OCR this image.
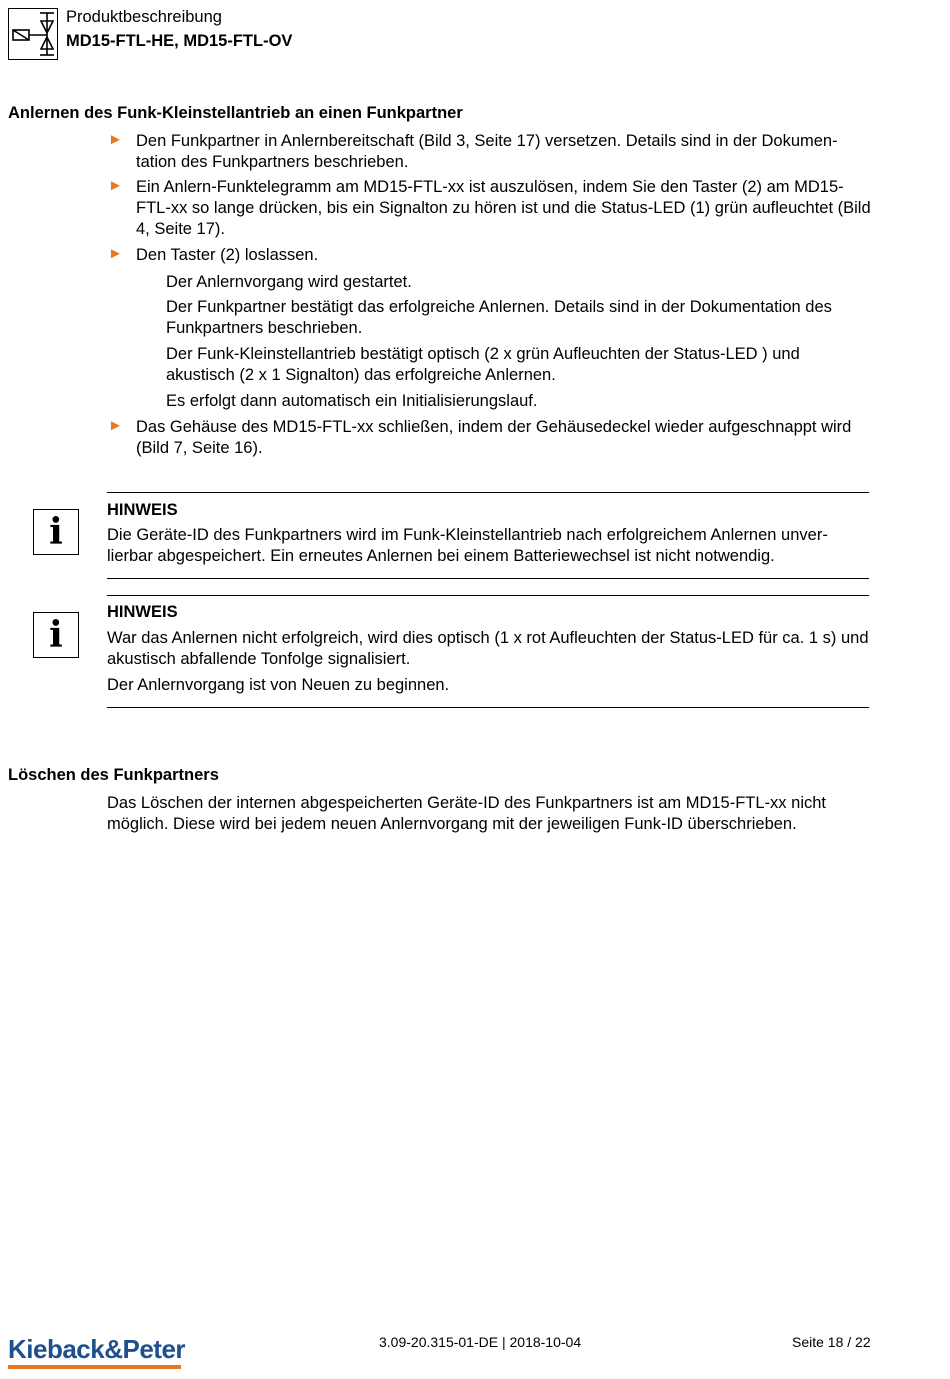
Produktbeschreibung
MD15-FTL-HE, MD15-FTL-OV
Anlernen des Funk-Kleinstellantrieb an einen Funkpartner
► Den Funkpartner in Anlernbereitschaft (Bild 3, Seite 17) versetzen. Details sind in der Dokumen-tation des Funkpartners beschrieben.

► Ein Anlern-Funktelegramm am MD15-FTL-xx ist auszulösen, indem Sie den Taster (2) am MD15-FTL-xx so lange drücken, bis ein Signalton zu hören ist und die Status-LED (1) grün aufleuchtet (Bild 4, Seite 17).

► Den Taster (2) loslassen.

Der Anlernvorgang wird gestartet.

Der Funkpartner bestätigt das erfolgreiche Anlernen. Details sind in der Dokumentation des Funkpartners beschrieben.

Der Funk-Kleinstellantrieb bestätigt optisch (2 x grün Aufleuchten der Status-LED ) und akustisch (2 x 1 Signalton) das erfolgreiche Anlernen.

Es erfolgt dann automatisch ein Initialisierungslauf.

► Das Gehäuse des MD15-FTL-xx schließen, indem der Gehäusedeckel wieder aufgeschnappt wird (Bild 7, Seite 16).

i

HINWEIS

Die Geräte-ID des Funkpartners wird im Funk-Kleinstellantrieb nach erfolgreichem Anlernen unver-lierbar abgespeichert. Ein erneutes Anlernen bei einem Batteriewechsel ist nicht notwendig.

i

HINWEIS

War das Anlernen nicht erfolgreich, wird dies optisch (1 x rot Aufleuchten der Status-LED für ca. 1 s) und akustisch abfallende Tonfolge signalisiert.

Der Anlernvorgang ist von Neuen zu beginnen.

Löschen des Funkpartners

Das Löschen der internen abgespeicherten Geräte-ID des Funkpartners ist am MD15-FTL-xx nicht möglich. Diese wird bei jedem neuen Anlernvorgang mit der jeweiligen Funk-ID überschrieben.

Kieback&Peter	3.09-20.315-01-DE | 2018-10-04	Seite 18 / 22
